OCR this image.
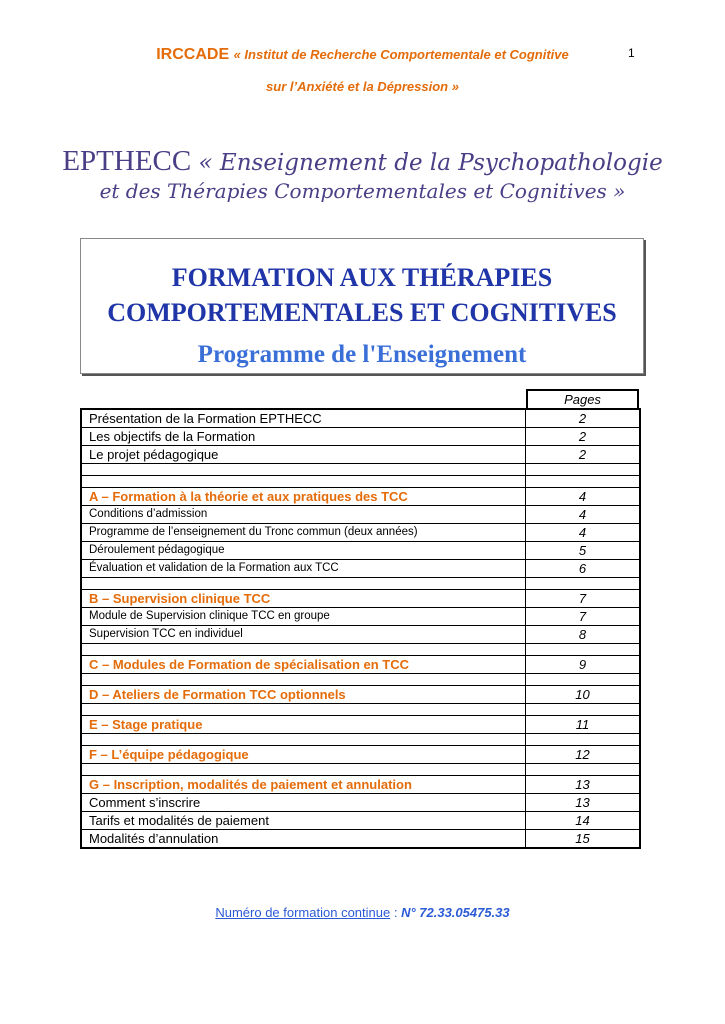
1
IRCCADE « Institut de Recherche Comportementale et Cognitive
sur l’Anxiété et la Dépression »
EPTHECC « Enseignement de la Psychopathologie
et des Thérapies Comportementales et Cognitives »
FORMATION AUX THÉRAPIES
COMPORTEMENTALES ET COGNITIVES
Programme de l'Enseignement
Pages
Présentation de la Formation EPTHECC	2
Les objectifs de la Formation	2
Le projet pédagogique	2

A – Formation à la théorie et aux pratiques des TCC	4
Conditions d’admission	4
Programme de l’enseignement du Tronc commun (deux années)	4
Déroulement pédagogique	5
Évaluation et validation de la Formation aux TCC	6

B – Supervision clinique TCC	7
Module de Supervision clinique TCC en groupe	7
Supervision TCC en individuel	8

C – Modules de Formation de spécialisation en TCC	9

D – Ateliers de Formation TCC optionnels	10

E – Stage pratique	11

F – L’équipe pédagogique	12

G – Inscription, modalités de paiement et annulation	13
Comment s’inscrire	13
Tarifs et modalités de paiement	14
Modalités d’annulation	15
Numéro de formation continue : N° 72.33.05475.33
